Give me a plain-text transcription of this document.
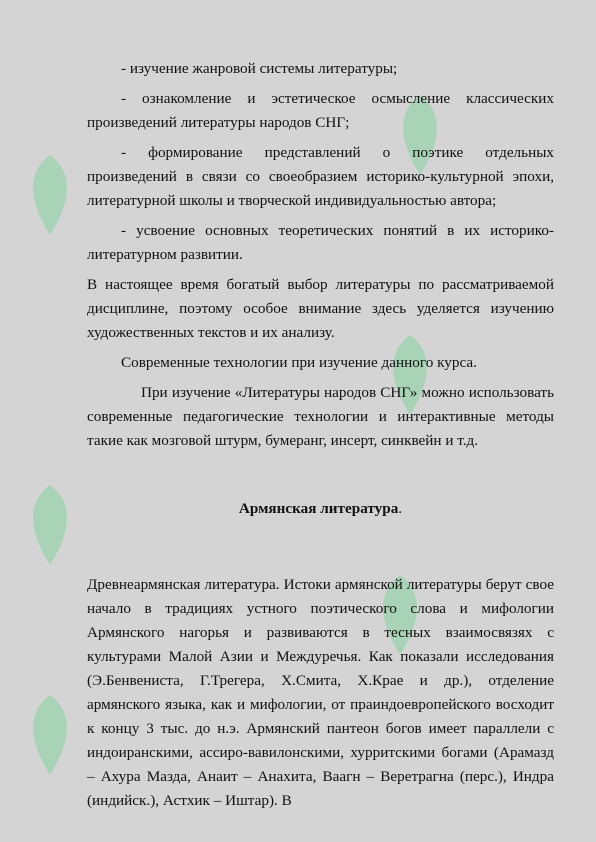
- изучение жанровой системы литературы;

- ознакомление и эстетическое осмысление классических произведений литературы народов СНГ;

- формирование представлений о поэтике отдельных произведений в связи со своеобразием историко-культурной эпохи, литературной школы и творческой индивидуальностью автора;

- усвоение основных теоретических понятий в их историко-литературном развитии.

В настоящее время богатый выбор литературы по рассматриваемой дисциплине, поэтому особое внимание здесь уделяется изучению художественных текстов и их анализу.

Современные технологии при изучение данного курса.

При изучение «Литературы народов СНГ» можно использовать современные педагогические технологии и интерактивные методы такие как мозговой штурм, бумеранг, инсерт, синквейн и т.д.

Армянская литература.

Древнеармянская литература. Истоки армянской литературы берут свое начало в традициях устного поэтического слова и мифологии Армянского нагорья и развиваются в тесных взаимосвязях с культурами Малой Азии и Междуречья. Как показали исследования (Э.Бенвениста, Г.Трегера, Х.Смита, Х.Крае и др.), отделение армянского языка, как и мифологии, от праиндоевропейского восходит к концу 3 тыс. до н.э. Армянский пантеон богов имеет параллели с индоиранскими, ассиро-вавилонскими, хурритскими богами (Арамазд – Ахура Мазда, Анаит – Анахита, Ваагн – Веретрагна (перс.), Индра (индийск.), Астхик – Иштар). В
